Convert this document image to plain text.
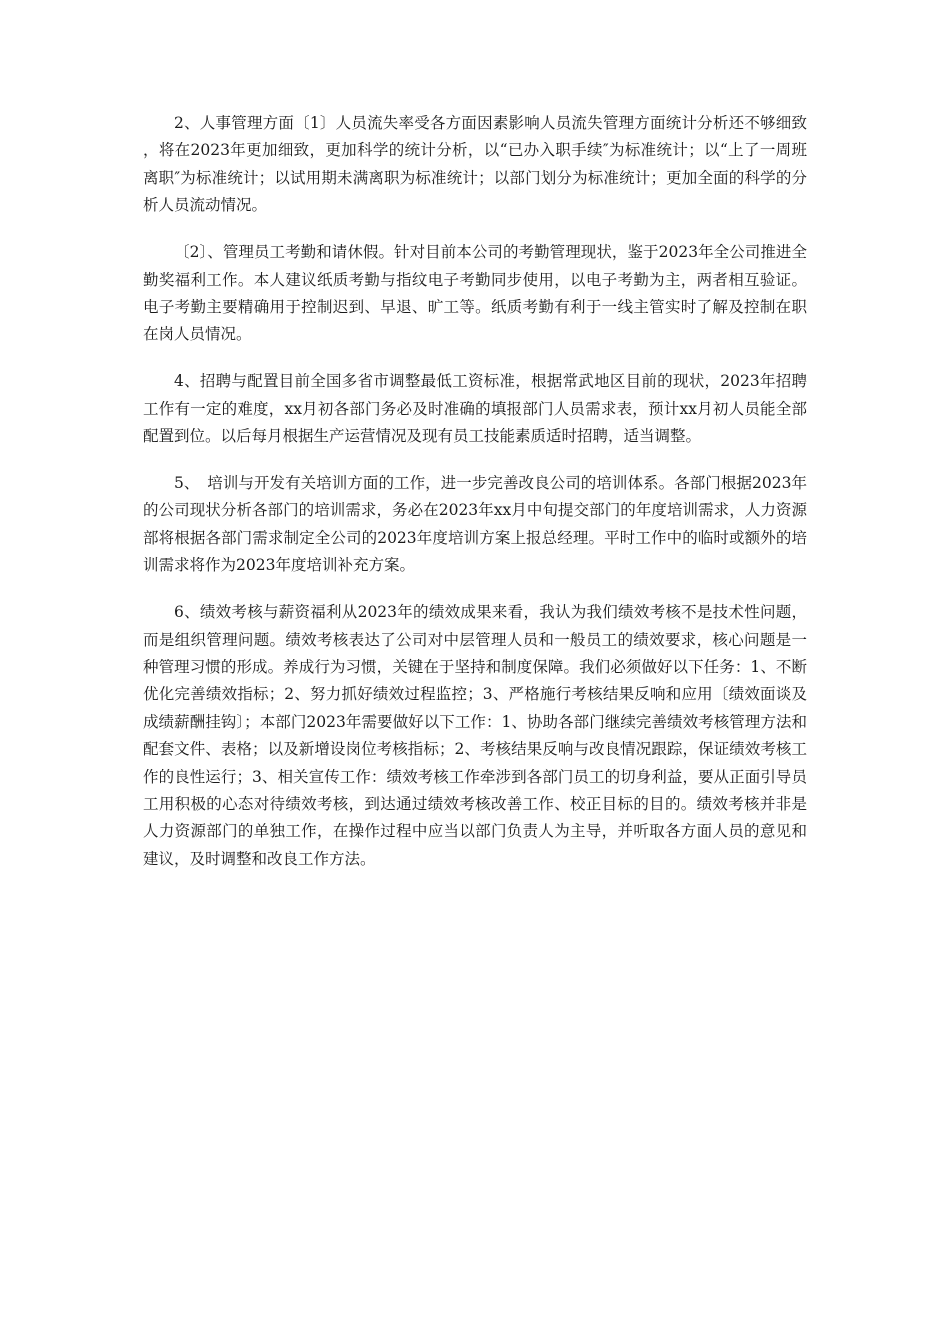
2、人事管理方面〔1〕人员流失率受各方面因素影响人员流失管理方面统计分析还不够细致，将在2023年更加细致，更加科学的统计分析，以“已办入职手续″为标准统计；以“上了一周班离职″为标准统计；以试用期未满离职为标准统计；以部门划分为标准统计；更加全面的科学的分析人员流动情况。

〔2〕、管理员工考勤和请休假。针对目前本公司的考勤管理现状，鉴于2023年全公司推进全勤奖福利工作。本人建议纸质考勤与指纹电子考勤同步使用，以电子考勤为主，两者相互验证。电子考勤主要精确用于控制迟到、早退、旷工等。纸质考勤有利于一线主管实时了解及控制在职在岗人员情况。

4、招聘与配置目前全国多省市调整最低工资标准，根据常武地区目前的现状，2023年招聘工作有一定的难度，xx月初各部门务必及时准确的填报部门人员需求表，预计xx月初人员能全部配置到位。以后每月根据生产运营情况及现有员工技能素质适时招聘，适当调整。

5、　培训与开发有关培训方面的工作，进一步完善改良公司的培训体系。各部门根据2023年的公司现状分析各部门的培训需求，务必在2023年xx月中旬提交部门的年度培训需求，人力资源部将根据各部门需求制定全公司的2023年度培训方案上报总经理。平时工作中的临时或额外的培训需求将作为2023年度培训补充方案。

6、绩效考核与薪资福利从2023年的绩效成果来看，我认为我们绩效考核不是技术性问题，而是组织管理问题。绩效考核表达了公司对中层管理人员和一般员工的绩效要求，核心问题是一种管理习惯的形成。养成行为习惯，关键在于坚持和制度保障。我们必须做好以下任务：1、不断优化完善绩效指标；2、努力抓好绩效过程监控；3、严格施行考核结果反响和应用〔绩效面谈及成绩薪酬挂钩〕；本部门2023年需要做好以下工作：1、协助各部门继续完善绩效考核管理方法和配套文件、表格；以及新增设岗位考核指标；2、考核结果反响与改良情况跟踪，保证绩效考核工作的良性运行；3、相关宣传工作：绩效考核工作牵涉到各部门员工的切身利益，要从正面引导员工用积极的心态对待绩效考核，到达通过绩效考核改善工作、校正目标的目的。绩效考核并非是人力资源部门的单独工作，在操作过程中应当以部门负责人为主导，并听取各方面人员的意见和建议，及时调整和改良工作方法。
